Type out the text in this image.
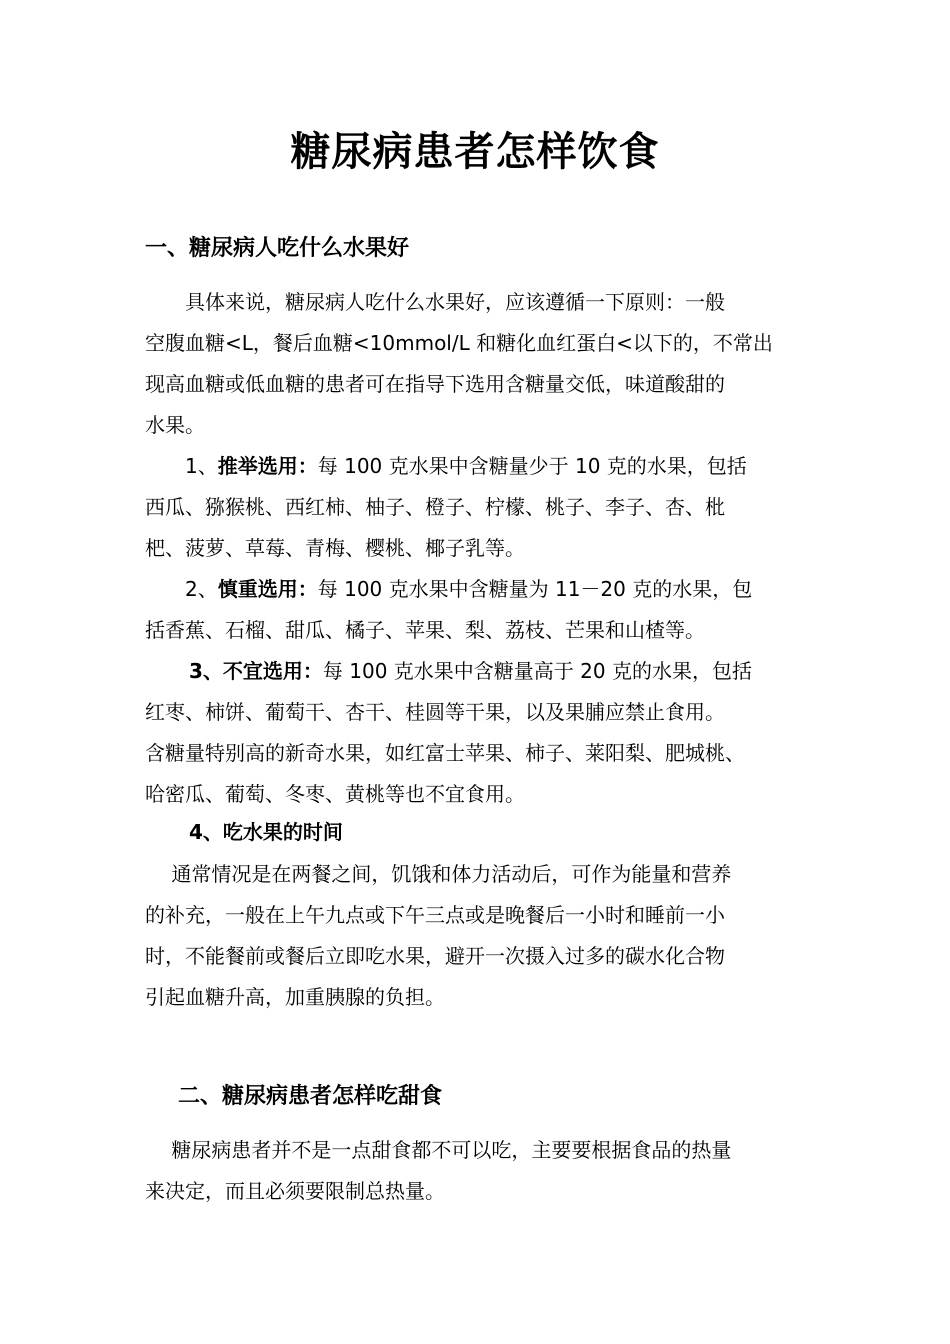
糖尿病患者怎样饮食
一、糖尿病人吃什么水果好
　　具体来说，糖尿病人吃什么水果好，应该遵循一下原则：一般
空腹血糖<L，餐后血糖<10mmol/L 和糖化血红蛋白<以下的，不常出
现高血糖或低血糖的患者可在指导下选用含糖量交低，味道酸甜的
水果。
　　1、推举选用：每 100 克水果中含糖量少于 10 克的水果，包括
西瓜、猕猴桃、西红柿、柚子、橙子、柠檬、桃子、李子、杏、枇
杷、菠萝、草莓、青梅、樱桃、椰子乳等。
　　2、慎重选用：每 100 克水果中含糖量为 11－20 克的水果，包
括香蕉、石榴、甜瓜、橘子、苹果、梨、荔枝、芒果和山楂等。
3、不宜选用：每 100 克水果中含糖量高于 20 克的水果，包括
红枣、柿饼、葡萄干、杏干、桂圆等干果，以及果脯应禁止食用。
含糖量特别高的新奇水果，如红富士苹果、柿子、莱阳梨、肥城桃、
哈密瓜、葡萄、冬枣、黄桃等也不宜食用。
4、吃水果的时间
　 通常情况是在两餐之间，饥饿和体力活动后，可作为能量和营养
的补充，一般在上午九点或下午三点或是晚餐后一小时和睡前一小
时，不能餐前或餐后立即吃水果，避开一次摄入过多的碳水化合物
引起血糖升高，加重胰腺的负担。
二、糖尿病患者怎样吃甜食
　 糖尿病患者并不是一点甜食都不可以吃，主要要根据食品的热量
来决定，而且必须要限制总热量。
